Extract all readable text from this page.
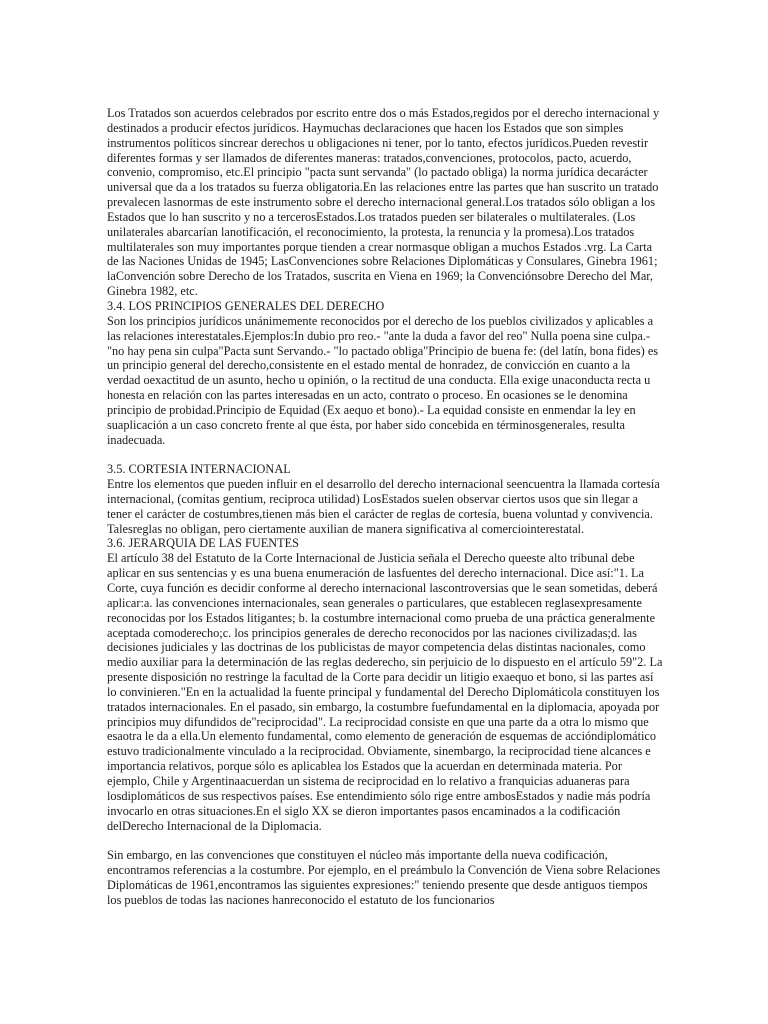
Los Tratados son acuerdos celebrados por escrito entre dos o más Estados,regidos por el derecho internacional y destinados a producir efectos jurídicos. Haymuchas declaraciones que hacen los Estados que son simples instrumentos políticos sincrear derechos u obligaciones ni tener, por lo tanto, efectos jurídicos.Pueden revestir diferentes formas y ser llamados de diferentes maneras: tratados,convenciones, protocolos, pacto, acuerdo, convenio, compromiso, etc.El principio "pacta sunt servanda" (lo pactado obliga) la norma jurídica decarácter universal que da a los tratados su fuerza obligatoria.En las relaciones entre las partes que han suscrito un tratado prevalecen lasnormas de este instrumento sobre el derecho internacional general.Los tratados sólo obligan a los Estados que lo han suscrito y no a tercerosEstados.Los tratados pueden ser bilaterales o multilaterales. (Los unilaterales abarcarían lanotificación, el reconocimiento, la protesta, la renuncia y la promesa).Los tratados multilaterales son muy importantes porque tienden a crear normasque obligan a muchos Estados .vrg. La Carta de las Naciones Unidas de 1945; LasConvenciones sobre Relaciones Diplomáticas y Consulares, Ginebra 1961; laConvención sobre Derecho de los Tratados, suscrita en Viena en 1969; la Convenciónsobre Derecho del Mar, Ginebra 1982, etc.

3.4. LOS PRINCIPIOS GENERALES DEL DERECHO

Son los principios jurídicos unánimemente reconocidos por el derecho de los pueblos civilizados y aplicables a las relaciones interestatales.Ejemplos:In dubio pro reo.- "ante la duda a favor del reo" Nulla poena sine culpa.- "no hay pena sin culpa"Pacta sunt Servando.- "lo pactado obliga"Principio de buena fe: (del latín, bona fides) es un principio general del derecho,consistente en el estado mental de honradez, de convicción en cuanto a la verdad oexactitud de un asunto, hecho u opinión, o la rectitud de una conducta. Ella exige unaconducta recta u honesta en relación con las partes interesadas en un acto, contrato o proceso. En ocasiones se le denomina principio de probidad.Principio de Equidad (Ex aequo et bono).- La equidad consiste en enmendar la ley en suaplicación a un caso concreto frente al que ésta, por haber sido concebida en términosgenerales, resulta inadecuada.

3.5. CORTESIA INTERNACIONAL

Entre los elementos que pueden influir en el desarrollo del derecho internacional seencuentra la llamada cortesía internacional, (comitas gentium, reciproca utilidad) LosEstados suelen observar ciertos usos que sin llegar a tener el carácter de costumbres,tienen más bien el carácter de reglas de cortesía, buena voluntad y convivencia. Talesreglas no obligan, pero ciertamente auxilian de manera significativa al comerciointerestatal.

3.6. JERARQUIA DE LAS FUENTES

El artículo 38 del Estatuto de la Corte Internacional de Justicia señala el Derecho queeste alto tribunal debe aplicar en sus sentencias y es una buena enumeración de lasfuentes del derecho internacional. Dice así:"1. La Corte, cuya función es decidir conforme al derecho internacional lascontroversias que le sean sometidas, deberá aplicar:a. las convenciones internacionales, sean generales o particulares, que establecen reglasexpresamente reconocidas por los Estados litigantes; b. la costumbre internacional como prueba de una práctica generalmente aceptada comoderecho;c. los principios generales de derecho reconocidos por las naciones civilizadas;d. las decisiones judiciales y las doctrinas de los publicistas de mayor competencia delas distintas nacionales, como medio auxiliar para la determinación de las reglas dederecho, sin perjuicio de lo dispuesto en el artículo 59"2. La presente disposición no restringe la facultad de la Corte para decidir un litigio exaequo et bono, si las partes así lo convinieren."En en la actualidad la fuente principal y fundamental del Derecho Diplomáticola constituyen los tratados internacionales. En el pasado, sin embargo, la costumbre fuefundamental en la diplomacia, apoyada por principios muy difundidos de"reciprocidad". La reciprocidad consiste en que una parte da a otra lo mismo que esaotra le da a ella.Un elemento fundamental, como elemento de generación de esquemas de accióndiplomático estuvo tradicionalmente vinculado a la reciprocidad. Obviamente, sinembargo, la reciprocidad tiene alcances e importancia relativos, porque sólo es aplicablea los Estados que la acuerdan en determinada materia. Por ejemplo, Chile y Argentinaacuerdan un sistema de reciprocidad en lo relativo a franquicias aduaneras para losdiplomáticos de sus respectivos países. Ese entendimiento sólo rige entre ambosEstados y nadie más podría invocarlo en otras situaciones.En el siglo XX se dieron importantes pasos encaminados a la codificación delDerecho Internacional de la Diplomacia.

Sin embargo, en las convenciones que constituyen el núcleo más importante della nueva codificación, encontramos referencias a la costumbre. Por ejemplo, en el preámbulo la Convención de Viena sobre Relaciones Diplomáticas de 1961,encontramos las siguientes expresiones:" teniendo presente que desde antiguos tiempos los pueblos de todas las naciones hanreconocido el estatuto de los funcionarios
